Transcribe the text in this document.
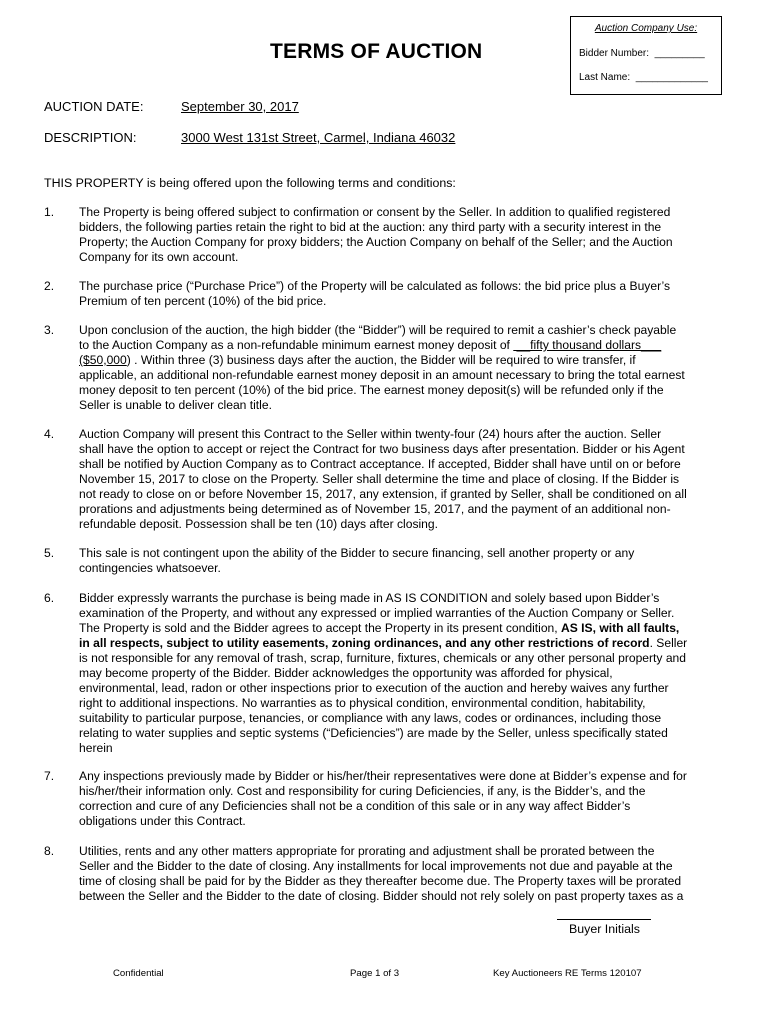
Auction Company Use:
Bidder Number:  _________
Last Name:  _____________
TERMS OF AUCTION
AUCTION DATE:	September 30, 2017
DESCRIPTION:	3000 West 131st Street, Carmel, Indiana 46032
THIS PROPERTY is being offered upon the following terms and conditions:
1. The Property is being offered subject to confirmation or consent by the Seller. In addition to qualified registered

bidders, the following parties retain the right to bid at the auction: any third party with a security interest in the

Property; the Auction Company for proxy bidders; the Auction Company on behalf of the Seller; and the Auction

Company for its own account.

2. The purchase price (“Purchase Price”) of the Property will be calculated as follows: the bid price plus a Buyer’s

Premium of ten percent (10%) of the bid price.

3. Upon conclusion of the auction, the high bidder (the “Bidder”) will be required to remit a cashier’s check payable

to the Auction Company as a non-refundable minimum earnest money deposit of  __fifty thousand dollars___

($50,000) . Within three (3) business days after the auction, the Bidder will be required to wire transfer, if

applicable, an additional non-refundable earnest money deposit in an amount necessary to bring the total earnest

money deposit to ten percent (10%) of the bid price. The earnest money deposit(s) will be refunded only if the

Seller is unable to deliver clean title.

4. Auction Company will present this Contract to the Seller within twenty-four (24) hours after the auction. Seller

shall have the option to accept or reject the Contract for two business days after presentation. Bidder or his Agent

shall be notified by Auction Company as to Contract acceptance. If accepted, Bidder shall have until on or before

November 15, 2017 to close on the Property. Seller shall determine the time and place of closing. If the Bidder is

not ready to close on or before November 15, 2017, any extension, if granted by Seller, shall be conditioned on all

prorations and adjustments being determined as of November 15, 2017, and the payment of an additional non-

refundable deposit. Possession shall be ten (10) days after closing.

5. This sale is not contingent upon the ability of the Bidder to secure financing, sell another property or any

contingencies whatsoever.

6. Bidder expressly warrants the purchase is being made in AS IS CONDITION and solely based upon Bidder’s

examination of the Property, and without any expressed or implied warranties of the Auction Company or Seller.

The Property is sold and the Bidder agrees to accept the Property in its present condition, AS IS, with all faults,

in all respects, subject to utility easements, zoning ordinances, and any other restrictions of record. Seller

is not responsible for any removal of trash, scrap, furniture, fixtures, chemicals or any other personal property and

may become property of the Bidder. Bidder acknowledges the opportunity was afforded for physical,

environmental, lead, radon or other inspections prior to execution of the auction and hereby waives any further

right to additional inspections. No warranties as to physical condition, environmental condition, habitability,

suitability to particular purpose, tenancies, or compliance with any laws, codes or ordinances, including those

relating to water supplies and septic systems (“Deficiencies”) are made by the Seller, unless specifically stated

herein

7. Any inspections previously made by Bidder or his/her/their representatives were done at Bidder’s expense and for

his/her/their information only. Cost and responsibility for curing Deficiencies, if any, is the Bidder’s, and the

correction and cure of any Deficiencies shall not be a condition of this sale or in any way affect Bidder’s

obligations under this Contract.

8. Utilities, rents and any other matters appropriate for prorating and adjustment shall be prorated between the

Seller and the Bidder to the date of closing. Any installments for local improvements not due and payable at the

time of closing shall be paid for by the Bidder as they thereafter become due. The Property taxes will be prorated

between the Seller and the Bidder to the date of closing. Bidder should not rely solely on past property taxes as a

Buyer Initials
Confidential	Page 1 of 3	Key Auctioneers RE Terms 120107
